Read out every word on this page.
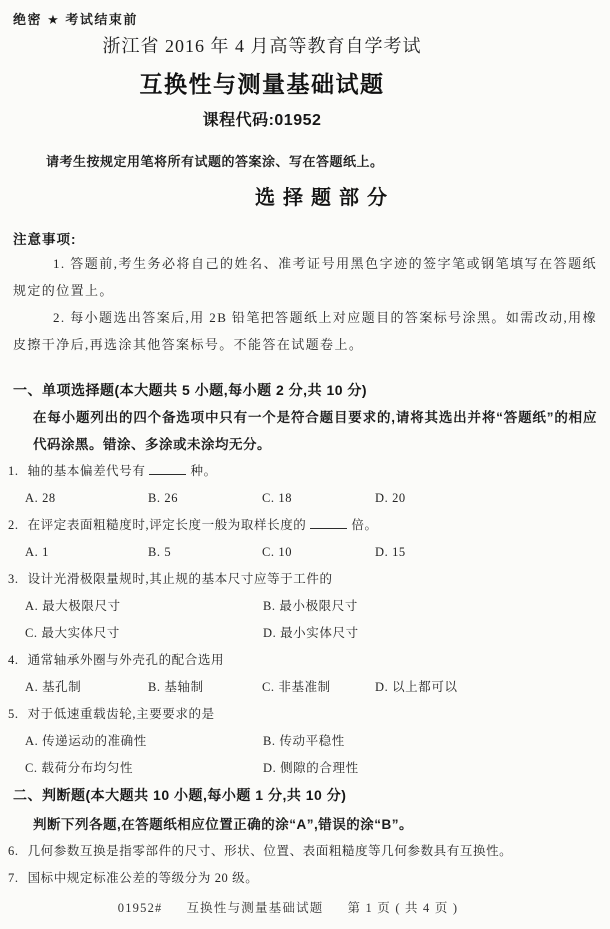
绝密 ★ 考试结束前
浙江省 2016 年 4 月高等教育自学考试
互换性与测量基础试题
课程代码:01952

请考生按规定用笔将所有试题的答案涂、写在答题纸上。

选择题部分
注意事项:

1. 答题前,考生务必将自己的姓名、准考证号用黑色字迹的签字笔或钢笔填写在答题纸规定的位置上。

2. 每小题选出答案后,用 2B 铅笔把答题纸上对应题目的答案标号涂黑。如需改动,用橡皮擦干净后,再选涂其他答案标号。不能答在试题卷上。

一、单项选择题(本大题共 5 小题,每小题 2 分,共 10 分)

在每小题列出的四个备选项中只有一个是符合题目要求的,请将其选出并将“答题纸”的相应代码涂黑。错涂、多涂或未涂均无分。

1. 轴的基本偏差代号有	种。
A. 28	B. 26	C. 18	D. 20
2. 在评定表面粗糙度时,评定长度一般为取样长度的	倍。
A. 1	B. 5	C. 10	D. 15
3. 设计光滑极限量规时,其止规的基本尺寸应等于工件的
A. 最大极限尺寸	B. 最小极限尺寸
C. 最大实体尺寸	D. 最小实体尺寸
4. 通常轴承外圈与外壳孔的配合选用
A. 基孔制	B. 基轴制	C. 非基准制	D. 以上都可以
5. 对于低速重载齿轮,主要要求的是
A. 传递运动的准确性	B. 传动平稳性
C. 载荷分布均匀性	D. 侧隙的合理性
二、判断题(本大题共 10 小题,每小题 1 分,共 10 分)

判断下列各题,在答题纸相应位置正确的涂“A”,错误的涂“B”。

6. 几何参数互换是指零部件的尺寸、形状、位置、表面粗糙度等几何参数具有互换性。
7. 国标中规定标准公差的等级分为 20 级。
01952# 互换性与测量基础试题 第 1 页 ( 共 4 页 )
